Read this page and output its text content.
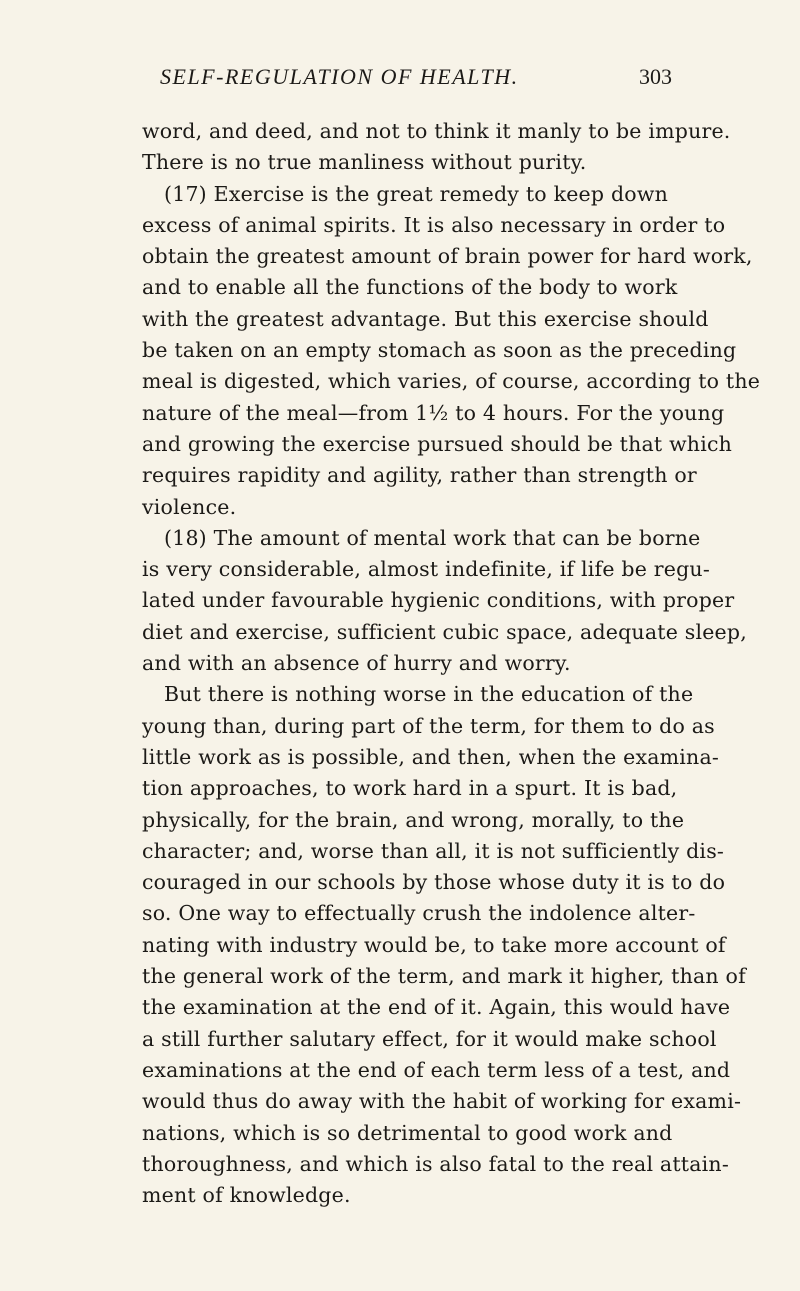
SELF-REGULATION OF HEALTH.	303
word, and deed, and not to think it manly to be impure.
There is no true manliness without purity.
(17) Exercise is the great remedy to keep down
excess of animal spirits. It is also necessary in order to
obtain the greatest amount of brain power for hard work,
and to enable all the functions of the body to work
with the greatest advantage. But this exercise should
be taken on an empty stomach as soon as the preceding
meal is digested, which varies, of course, according to the
nature of the meal—from 1½ to 4 hours. For the young
and growing the exercise pursued should be that which
requires rapidity and agility, rather than strength or
violence.
(18) The amount of mental work that can be borne
is very considerable, almost indefinite, if life be regu-
lated under favourable hygienic conditions, with proper
diet and exercise, sufficient cubic space, adequate sleep,
and with an absence of hurry and worry.
But there is nothing worse in the education of the
young than, during part of the term, for them to do as
little work as is possible, and then, when the examina-
tion approaches, to work hard in a spurt. It is bad,
physically, for the brain, and wrong, morally, to the
character; and, worse than all, it is not sufficiently dis-
couraged in our schools by those whose duty it is to do
so. One way to effectually crush the indolence alter-
nating with industry would be, to take more account of
the general work of the term, and mark it higher, than of
the examination at the end of it. Again, this would have
a still further salutary effect, for it would make school
examinations at the end of each term less of a test, and
would thus do away with the habit of working for exami-
nations, which is so detrimental to good work and
thoroughness, and which is also fatal to the real attain-
ment of knowledge.
